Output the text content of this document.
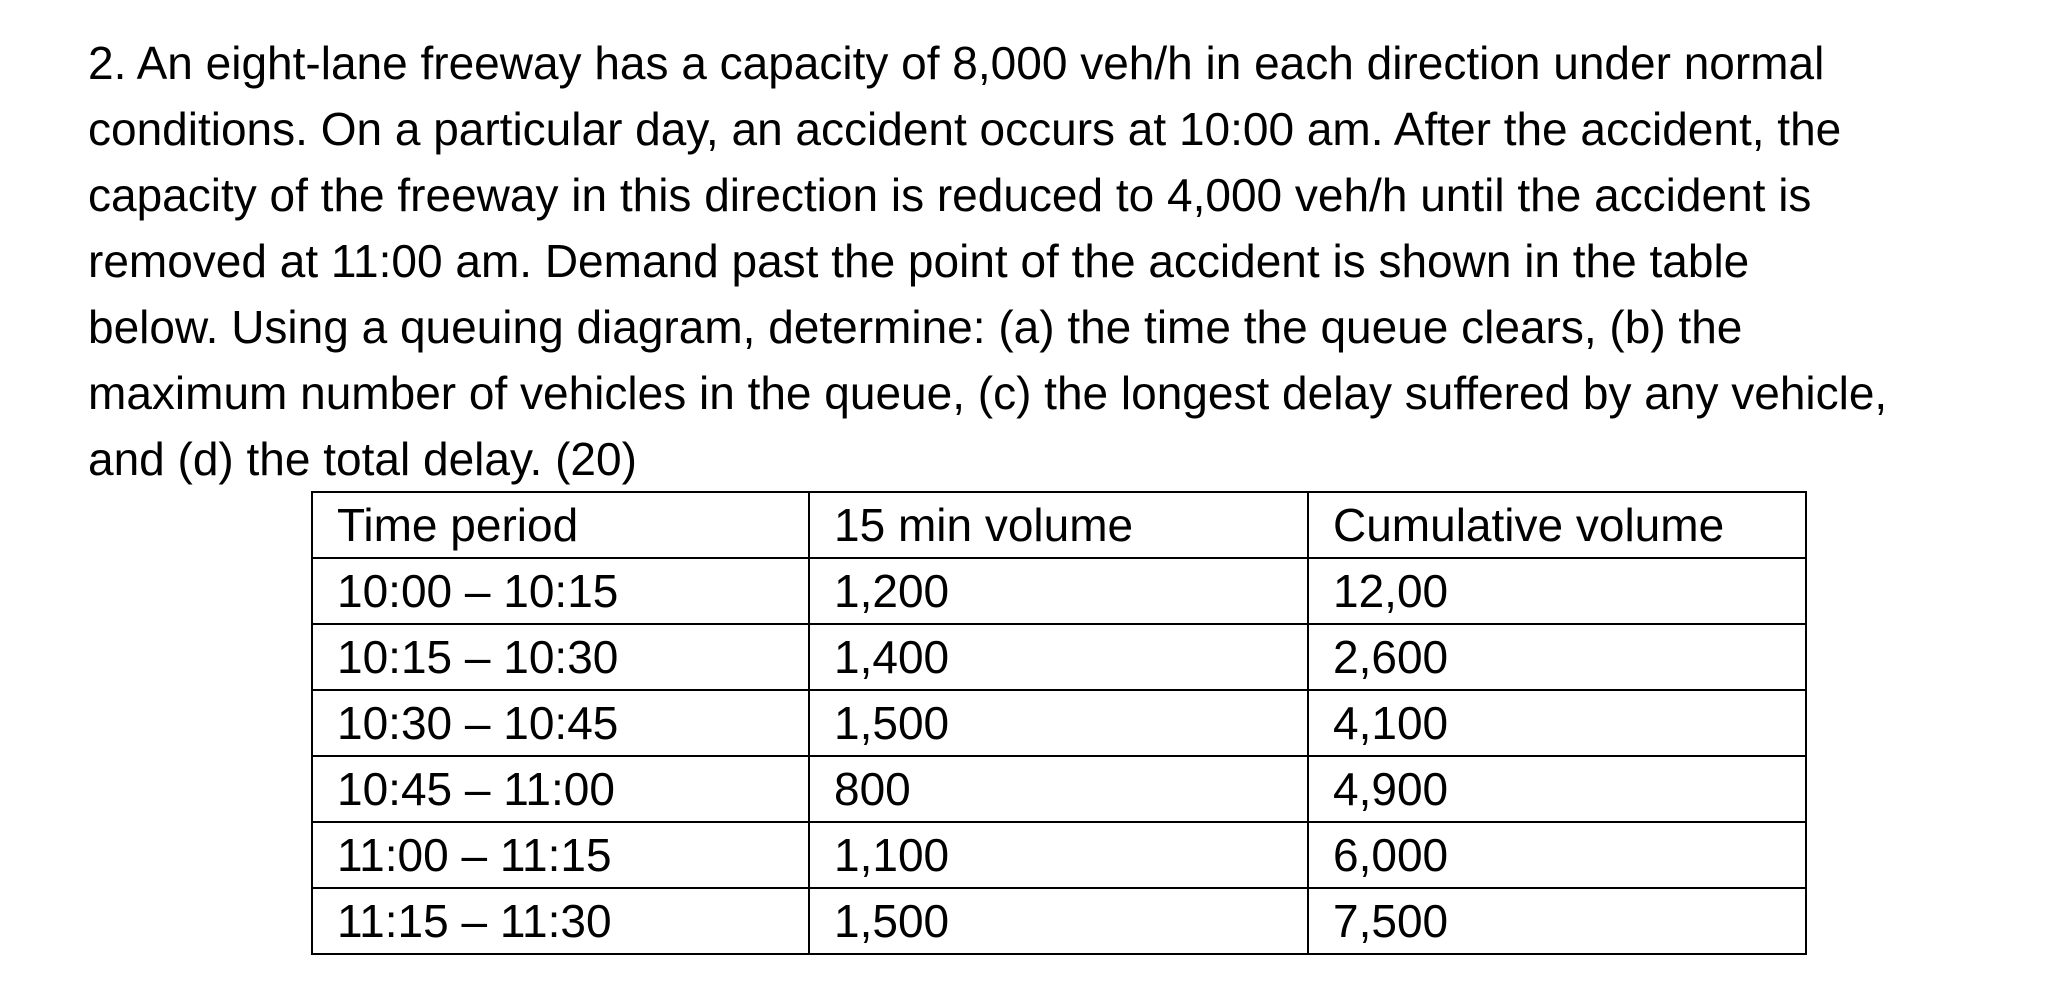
2. An eight-lane freeway has a capacity of 8,000 veh/h in each direction under normal
conditions. On a particular day, an accident occurs at 10:00 am. After the accident, the
capacity of the freeway in this direction is reduced to 4,000 veh/h until the accident is
removed at 11:00 am. Demand past the point of the accident is shown in the table
below. Using a queuing diagram, determine: (a) the time the queue clears, (b) the
maximum number of vehicles in the queue, (c) the longest delay suffered by any vehicle,
and (d) the total delay. (20)
Time period	15 min volume	Cumulative volume
10:00 – 10:15	1,200	12,00
10:15 – 10:30	1,400	2,600
10:30 – 10:45	1,500	4,100
10:45 – 11:00	800	4,900
11:00 – 11:15	1,100	6,000
11:15 – 11:30	1,500	7,500
